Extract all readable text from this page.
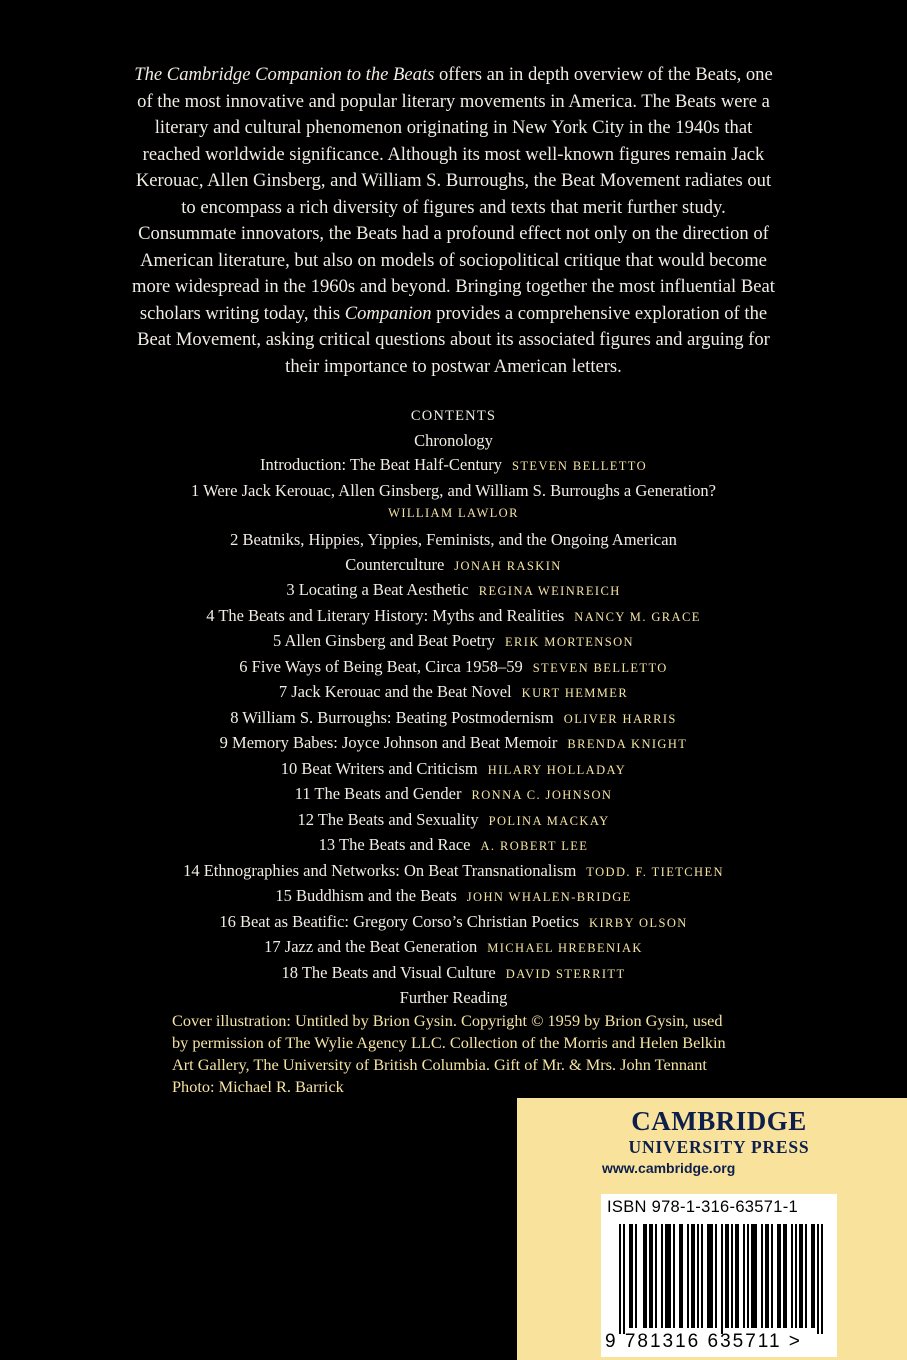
The Cambridge Companion to the Beats offers an in depth overview of the Beats, one of the most innovative and popular literary movements in America. The Beats were a literary and cultural phenomenon originating in New York City in the 1940s that reached worldwide significance. Although its most well-known figures remain Jack Kerouac, Allen Ginsberg, and William S. Burroughs, the Beat Movement radiates out to encompass a rich diversity of figures and texts that merit further study. Consummate innovators, the Beats had a profound effect not only on the direction of American literature, but also on models of sociopolitical critique that would become more widespread in the 1960s and beyond. Bringing together the most influential Beat scholars writing today, this Companion provides a comprehensive exploration of the Beat Movement, asking critical questions about its associated figures and arguing for their importance to postwar American letters.
CONTENTS
Chronology
Introduction: The Beat Half-Century STEVEN BELLETTO
1 Were Jack Kerouac, Allen Ginsberg, and William S. Burroughs a Generation?
WILLIAM LAWLOR
2 Beatniks, Hippies, Yippies, Feminists, and the Ongoing American
Counterculture JONAH RASKIN
3 Locating a Beat Aesthetic REGINA WEINREICH
4 The Beats and Literary History: Myths and Realities NANCY M. GRACE
5 Allen Ginsberg and Beat Poetry ERIK MORTENSON
6 Five Ways of Being Beat, Circa 1958–59 STEVEN BELLETTO
7 Jack Kerouac and the Beat Novel KURT HEMMER
8 William S. Burroughs: Beating Postmodernism OLIVER HARRIS
9 Memory Babes: Joyce Johnson and Beat Memoir BRENDA KNIGHT
10 Beat Writers and Criticism HILARY HOLLADAY
11 The Beats and Gender RONNA C. JOHNSON
12 The Beats and Sexuality POLINA MACKAY
13 The Beats and Race A. ROBERT LEE
14 Ethnographies and Networks: On Beat Transnationalism TODD. F. TIETCHEN
15 Buddhism and the Beats JOHN WHALEN-BRIDGE
16 Beat as Beatific: Gregory Corso’s Christian Poetics KIRBY OLSON
17 Jazz and the Beat Generation MICHAEL HREBENIAK
18 The Beats and Visual Culture DAVID STERRITT
Further Reading
Cover illustration: Untitled by Brion Gysin. Copyright © 1959 by Brion Gysin, used
by permission of The Wylie Agency LLC. Collection of the Morris and Helen Belkin
Art Gallery, The University of British Columbia. Gift of Mr. & Mrs. John Tennant
Photo: Michael R. Barrick
CAMBRIDGE
UNIVERSITY PRESS
www.cambridge.org
ISBN 978-1-316-63571-1
9 781316 635711 >
